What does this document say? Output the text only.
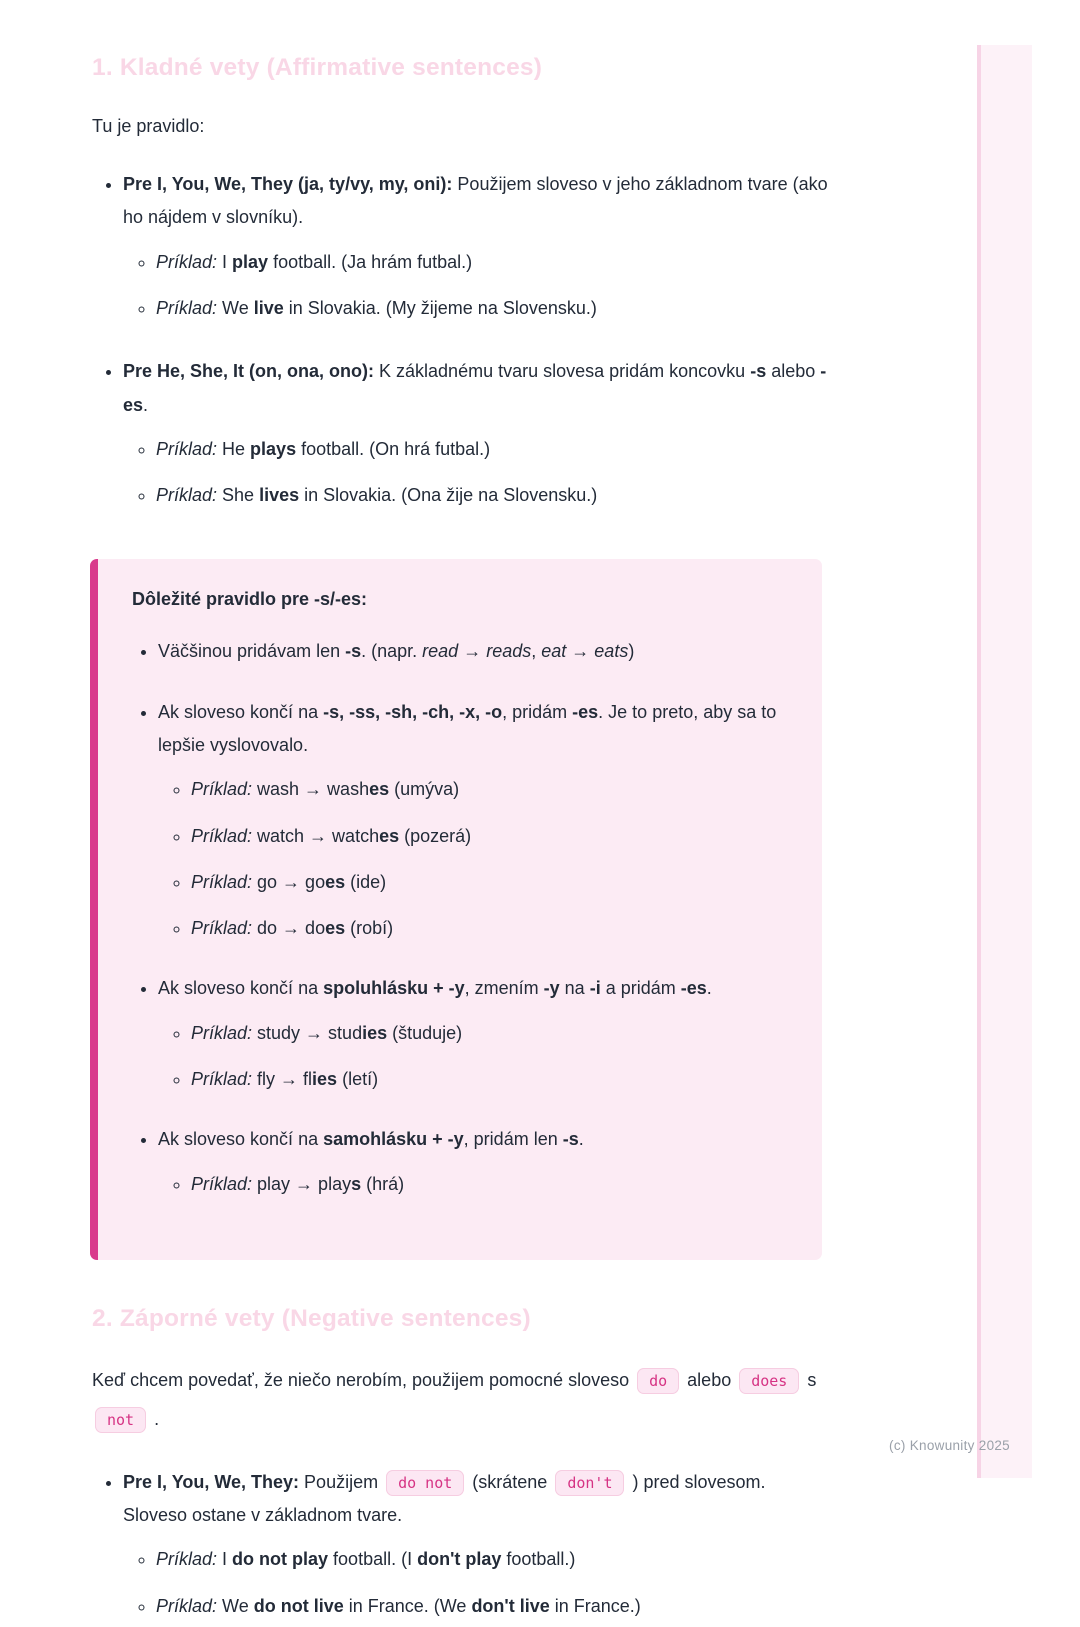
1. Kladné vety (Affirmative sentences)

Tu je pravidlo:

• Pre I, You, We, They (ja, ty/vy, my, oni): Použijem sloveso v jeho základnom tvare (ako ho nájdem v slovníku).
◦ Príklad: I play football. (Ja hrám futbal.)
◦ Príklad: We live in Slovakia. (My žijeme na Slovensku.)
• Pre He, She, It (on, ona, ono): K základnému tvaru slovesa pridám koncovku -s alebo -es.
◦ Príklad: He plays football. (On hrá futbal.)
◦ Príklad: She lives in Slovakia. (Ona žije na Slovensku.)
Dôležité pravidlo pre -s/-es:
• Väčšinou pridávam len -s. (napr. read → reads, eat → eats)
• Ak sloveso končí na -s, -ss, -sh, -ch, -x, -o, pridám -es. Je to preto, aby sa to lepšie vyslovovalo.
◦ Príklad: wash → washes (umýva)
◦ Príklad: watch → watches (pozerá)
◦ Príklad: go → goes (ide)
◦ Príklad: do → does (robí)
• Ak sloveso končí na spoluhlásku + -y, zmením -y na -i a pridám -es.
◦ Príklad: study → studies (študuje)
◦ Príklad: fly → flies (letí)
• Ak sloveso končí na samohlásku + -y, pridám len -s.
◦ Príklad: play → plays (hrá)
2. Záporné vety (Negative sentences)

Keď chcem povedať, že niečo nerobím, použijem pomocné sloveso do alebo does s not .

• Pre I, You, We, They: Použijem do not (skrátene don't ) pred slovesom. Sloveso ostane v základnom tvare.
◦ Príklad: I do not play football. (I don't play football.)
◦ Príklad: We do not live in France. (We don't live in France.)
(c) Knowunity 2025
